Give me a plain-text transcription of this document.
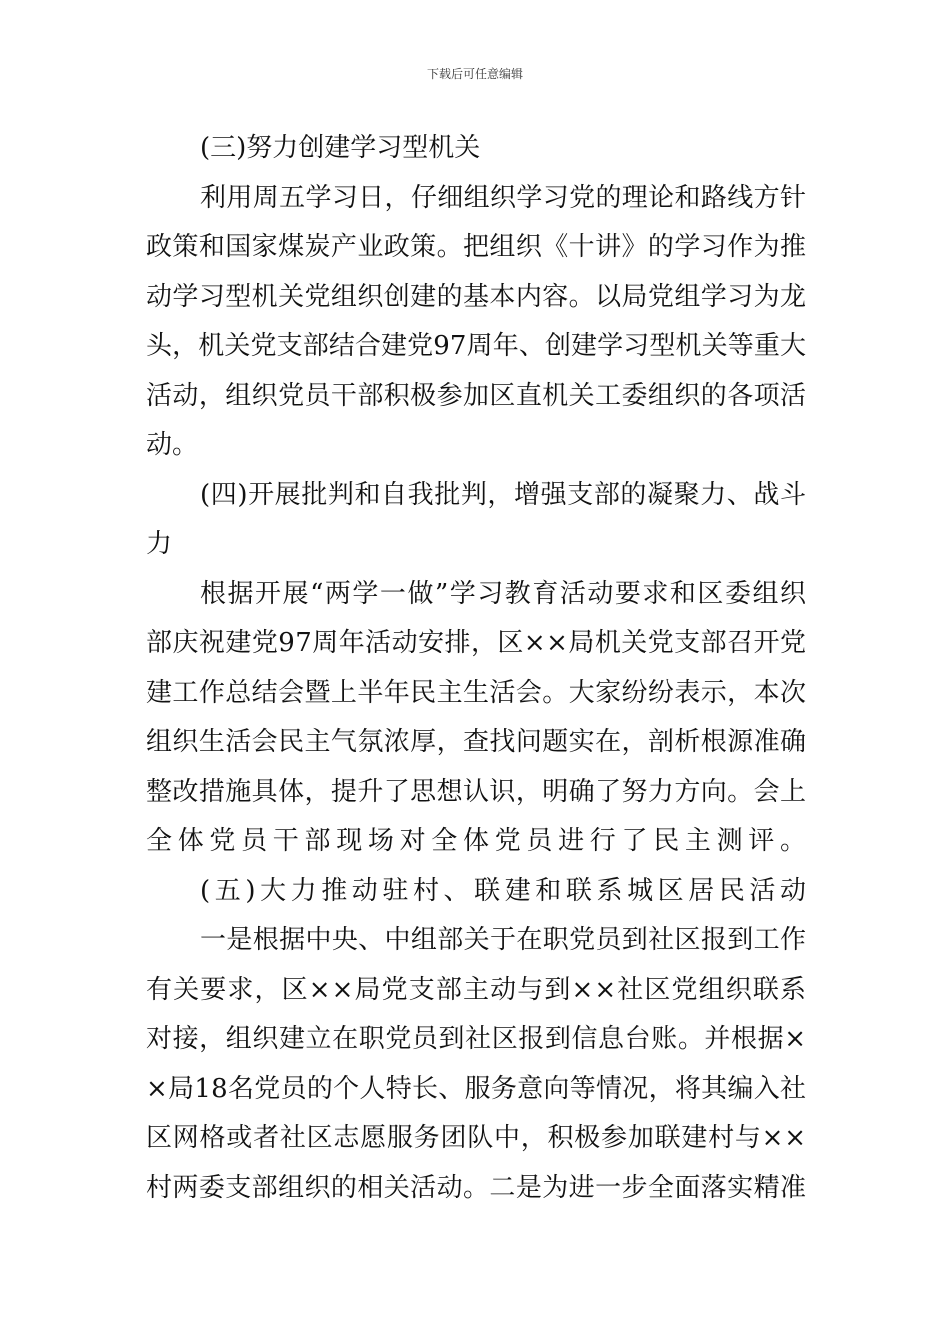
下载后可任意编辑
(三)努力创建学习型机关
利用周五学习日，仔细组织学习党的理论和路线方针
政策和国家煤炭产业政策。把组织《十讲》的学习作为推
动学习型机关党组织创建的基本内容。以局党组学习为龙
头，机关党支部结合建党97周年、创建学习型机关等重大
活动，组织党员干部积极参加区直机关工委组织的各项活
动。
(四)开展批判和自我批判，增强支部的凝聚力、战斗
力
根据开展“两学一做”学习教育活动要求和区委组织
部庆祝建党97周年活动安排，区××局机关党支部召开党
建工作总结会暨上半年民主生活会。大家纷纷表示，本次
组织生活会民主气氛浓厚，查找问题实在，剖析根源准确
整改措施具体，提升了思想认识，明确了努力方向。会上
全体党员干部现场对全体党员进行了民主测评。
(五)大力推动驻村、联建和联系城区居民活动
一是根据中央、中组部关于在职党员到社区报到工作
有关要求，区××局党支部主动与到××社区党组织联系
对接，组织建立在职党员到社区报到信息台账。并根据×
×局18名党员的个人特长、服务意向等情况，将其编入社
区网格或者社区志愿服务团队中，积极参加联建村与××
村两委支部组织的相关活动。二是为进一步全面落实精准
